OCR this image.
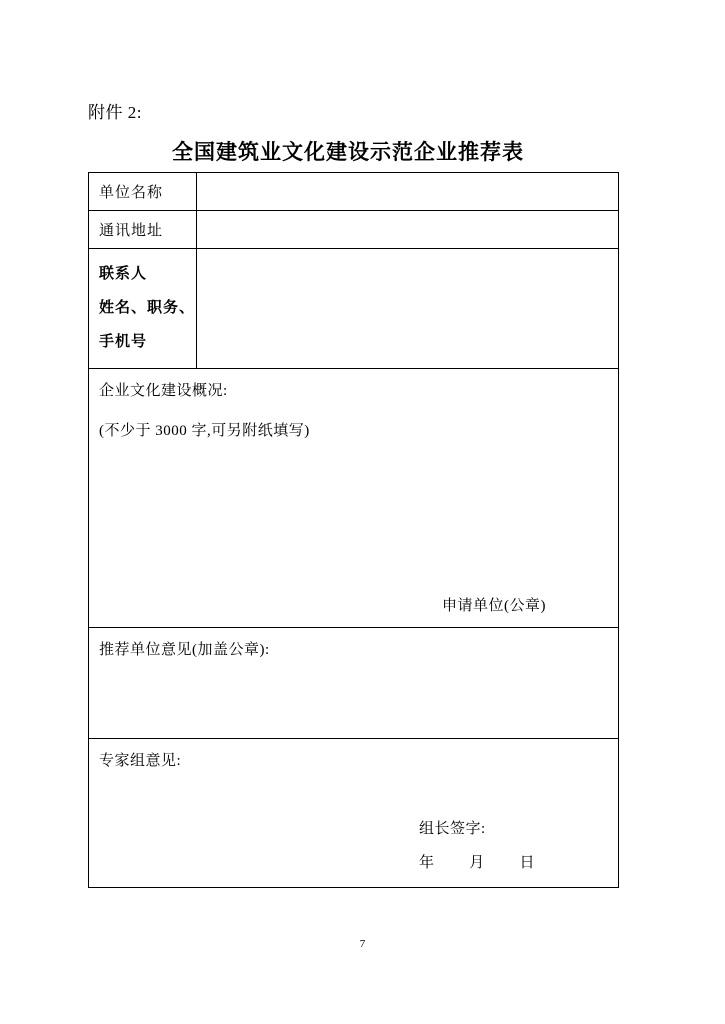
附件 2:
全国建筑业文化建设示范企业推荐表
单位名称	
通讯地址	

联系人
姓名、职务、
手机号	

企业文化建设概况:
(不少于 3000 字,可另附纸填写)
申请单位(公章)	

推荐单位意见(加盖公章):	

专家组意见:
组长签字:
年 月 日	
7
